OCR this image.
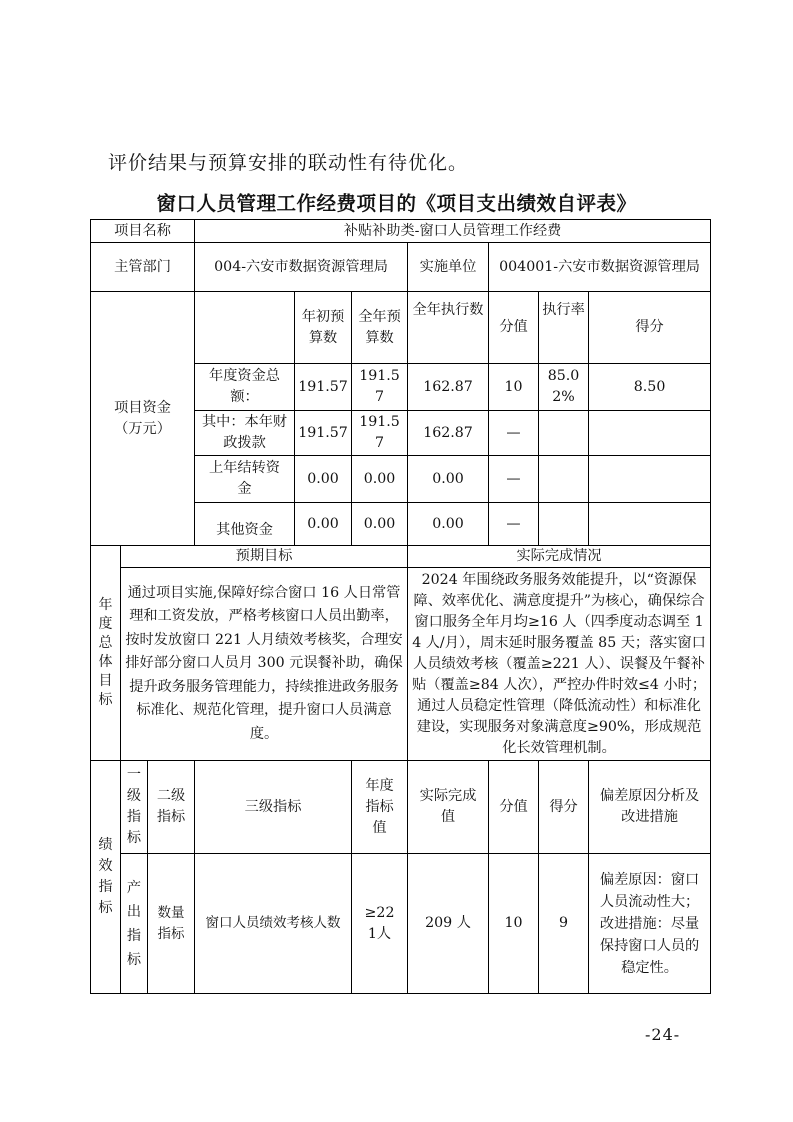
评价结果与预算安排的联动性有待优化。
窗口人员管理工作经费项目的《项目支出绩效自评表》
项目名称			补贴补助类-窗口人员管理工作经费						
主管部门			004-六安市数据资源管理局			实施单位	004001-六安市数据资源管理局		
项目资金（万元）				年初预算数	全年预算数	全年执行数	分值	执行率	得分
			年度资金总额：	191.57	191.57	162.87	10	85.02%	8.50
			其中：本年财政拨款	191.57	191.57	162.87	—		
			上年结转资金	0.00	0.00	0.00	—		
			其他资金	0.00	0.00	0.00	—		
年度总体目标	预期目标					实际完成情况			
	通过项目实施,保障好综合窗口 16 人日常管理和工资发放，严格考核窗口人员出勤率，按时发放窗口 221 人月绩效考核奖，合理安排好部分窗口人员月 300 元误餐补助，确保提升政务服务管理能力，持续推进政务服务标准化、规范化管理，提升窗口人员满意度。					2024 年围绕政务服务效能提升，以“资源保障、效率优化、满意度提升”为核心，确保综合窗口服务全年月均≥16 人（四季度动态调至 14 人/月），周末延时服务覆盖 85 天；落实窗口人员绩效考核（覆盖≥221 人）、误餐及午餐补贴（覆盖≥84 人次），严控办件时效≤4 小时；通过人员稳定性管理（降低流动性）和标准化建设，实现服务对象满意度≥90%，形成规范化长效管理机制。			
绩效指标	一级指标	二级指标	三级指标		年度指标值	实际完成值	分值	得分	偏差原因分析及改进措施
	产出指标	数量指标	窗口人员绩效考核人数		≥221人	209 人	10	9	偏差原因：窗口人员流动性大；改进措施：尽量保持窗口人员的稳定性。
-24-
